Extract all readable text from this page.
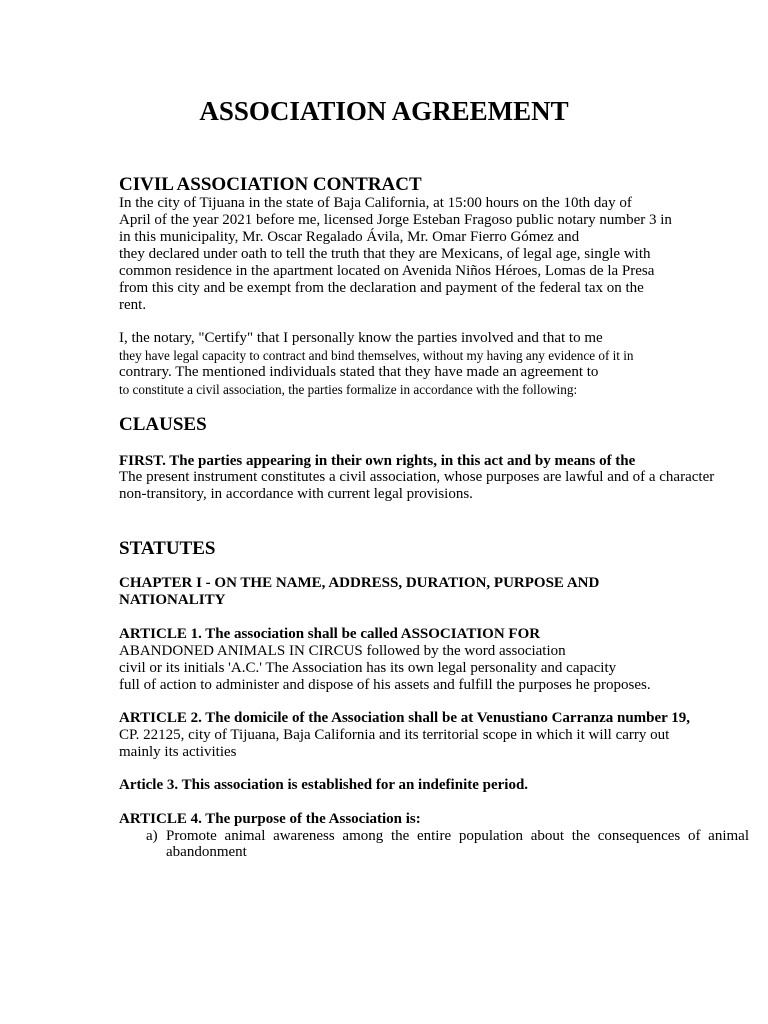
ASSOCIATION AGREEMENT
CIVIL ASSOCIATION CONTRACT
In the city of Tijuana in the state of Baja California, at 15:00 hours on the 10th day of
April of the year 2021 before me, licensed Jorge Esteban Fragoso public notary number 3 in
in this municipality, Mr. Oscar Regalado Ávila, Mr. Omar Fierro Gómez and
they declared under oath to tell the truth that they are Mexicans, of legal age, single with
common residence in the apartment located on Avenida Niños Héroes, Lomas de la Presa
from this city and be exempt from the declaration and payment of the federal tax on the
rent.
I, the notary, "Certify" that I personally know the parties involved and that to me
they have legal capacity to contract and bind themselves, without my having any evidence of it in
contrary. The mentioned individuals stated that they have made an agreement to
to constitute a civil association, the parties formalize in accordance with the following:
CLAUSES
FIRST. The parties appearing in their own rights, in this act and by means of the
The present instrument constitutes a civil association, whose purposes are lawful and of a character
non-transitory, in accordance with current legal provisions.
STATUTES
CHAPTER I - ON THE NAME, ADDRESS, DURATION, PURPOSE AND
NATIONALITY
ARTICLE 1. The association shall be called ASSOCIATION FOR
ABANDONED ANIMALS IN CIRCUS followed by the word association
civil or its initials 'A.C.' The Association has its own legal personality and capacity
full of action to administer and dispose of his assets and fulfill the purposes he proposes.
ARTICLE 2. The domicile of the Association shall be at Venustiano Carranza number 19,
CP. 22125, city of Tijuana, Baja California and its territorial scope in which it will carry out
mainly its activities
Article 3. This association is established for an indefinite period.
ARTICLE 4. The purpose of the Association is:
a) Promote animal awareness among the entire population about the consequences of animal abandonment
